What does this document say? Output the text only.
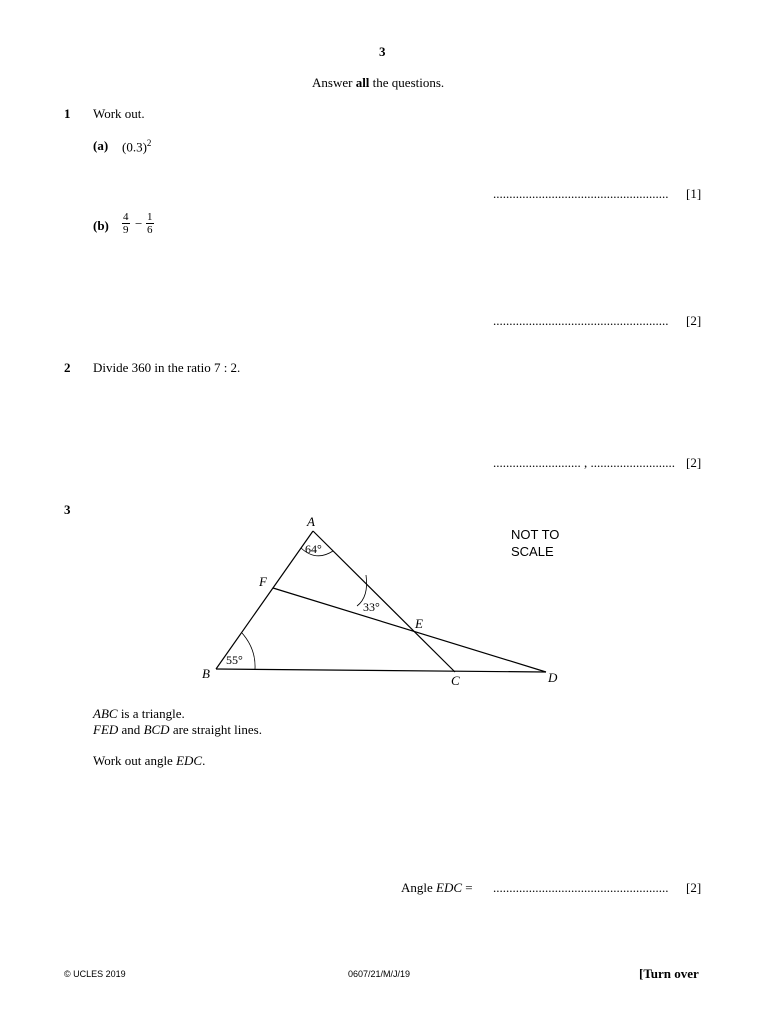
3
Answer all the questions.
1 Work out.
(a) $(0.3)^2$
...................................................... [1]
$(b) \frac{4}{9} - \frac{1}{6}$
...................................................... [2]
2 Divide 360 in the ratio 7 : 2.
........................... , .......................... [2]
3
A
F
E
B	C	D
64°
33°
55°
NOT TO
SCALE
ABC is a triangle.
FED and BCD are straight lines.
Work out angle EDC.
Angle EDC = ...................................................... [2]
© UCLES 2019	0607/21/M/J/19	[Turn over
